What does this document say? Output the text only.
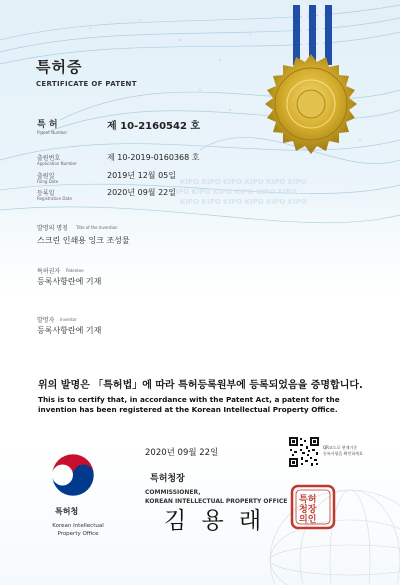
KIPO KIPO KIPO KIPO KIPO KIPO
KIPO KIPO KIPO KIPO KIPO KIPO
KIPO KIPO KIPO KIPO KIPO KIPO
특허증
CERTIFICATE OF PATENT
특 허
Patent Number
제 10-2160542 호
출원번호
Application Number
제 10-2019-0160368 호
출원일
Filing Date
2019년 12월 05일
등록일
Registration Date
2020년 09월 22일
발명의 명칭 Title of the Invention
스크린 인쇄용 잉크 조성물
특허권자 Patentee
등록사항란에 기재
발명자 Inventor
등록사항란에 기재
위의 발명은 「특허법」에 따라 특허등록원부에 등록되었음을 증명합니다.
This is to certify that, in accordance with the Patent Act, a patent for the invention has been registered at the Korean Intellectual Property Office.
2020년 09월 22일
QR코드로 현재기준
등록사항을 확인하세요
특허청장
COMMISSIONER,
KOREAN INTELLECTUAL PROPERTY OFFICE
김 용 래
특허
청장
의인
특허청
Korean Intellectual
Property Office
